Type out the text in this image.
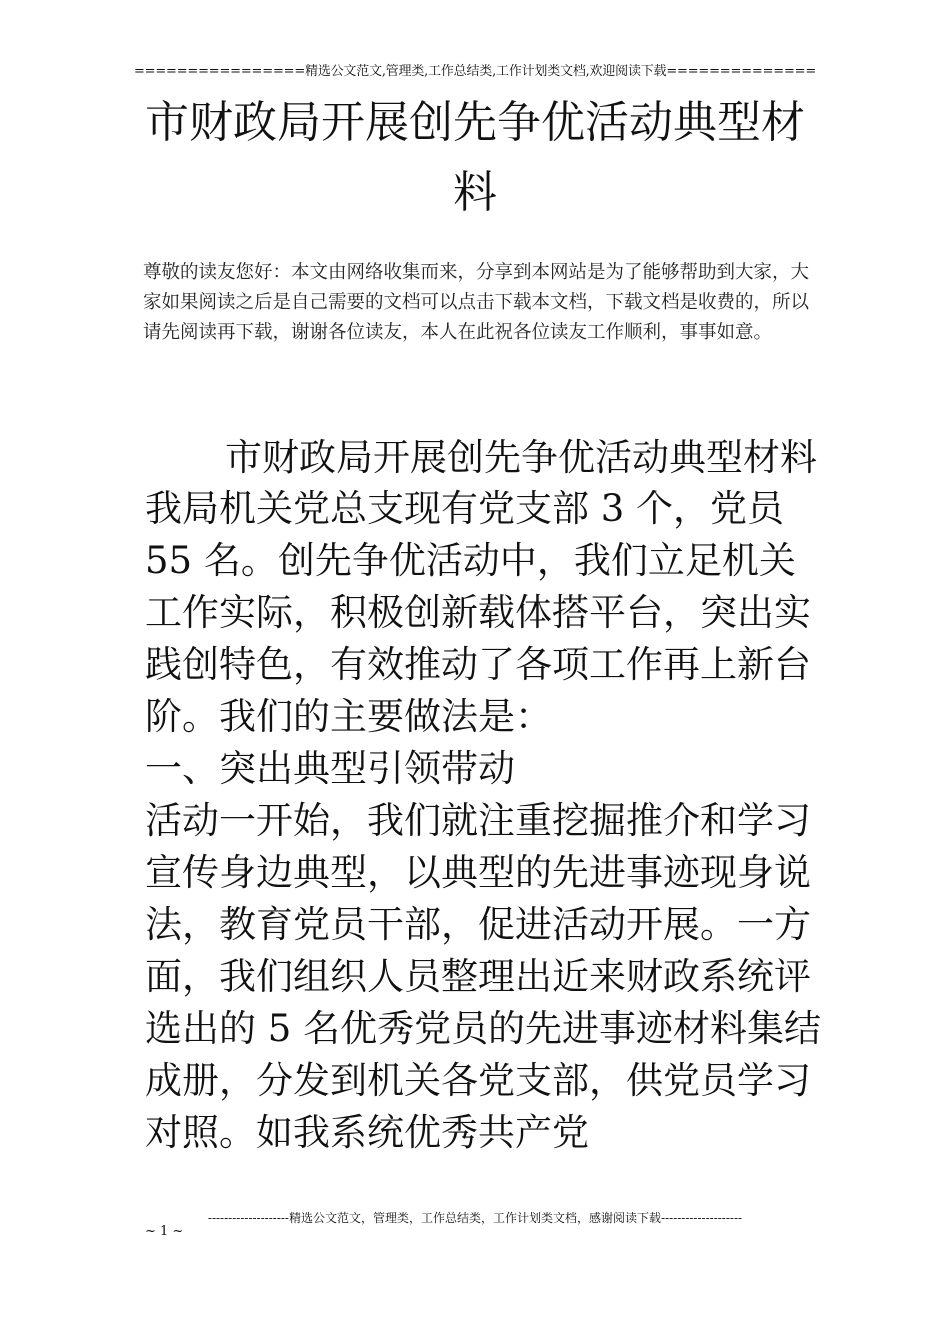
================精选公文范文,管理类,工作总结类,工作计划类文档,欢迎阅读下载==============
市财政局开展创先争优活动典型材
料
尊敬的读友您好：本文由网络收集而来，分享到本网站是为了能够帮助到大家，大家如果阅读之后是自己需要的文档可以点击下载本文档，下载文档是收费的，所以请先阅读再下载，谢谢各位读友，本人在此祝各位读友工作顺利，事事如意。
市财政局开展创先争优活动典型材料

我局机关党总支现有党支部 3 个，党员 55 名。创先争优活动中，我们立足机关工作实际，积极创新载体搭平台，突出实践创特色，有效推动了各项工作再上新台阶。我们的主要做法是：

一、突出典型引领带动

活动一开始，我们就注重挖掘推介和学习宣传身边典型，以典型的先进事迹现身说法，教育党员干部，促进活动开展。一方面，我们组织人员整理出近来财政系统评选出的 5 名优秀党员的先进事迹材料集结成册，分发到机关各党支部，供党员学习对照。如我系统优秀共产党

--------------------精选公文范文，管理类，工作总结类，工作计划类文档，感谢阅读下载--------------------
~ 1 ~
